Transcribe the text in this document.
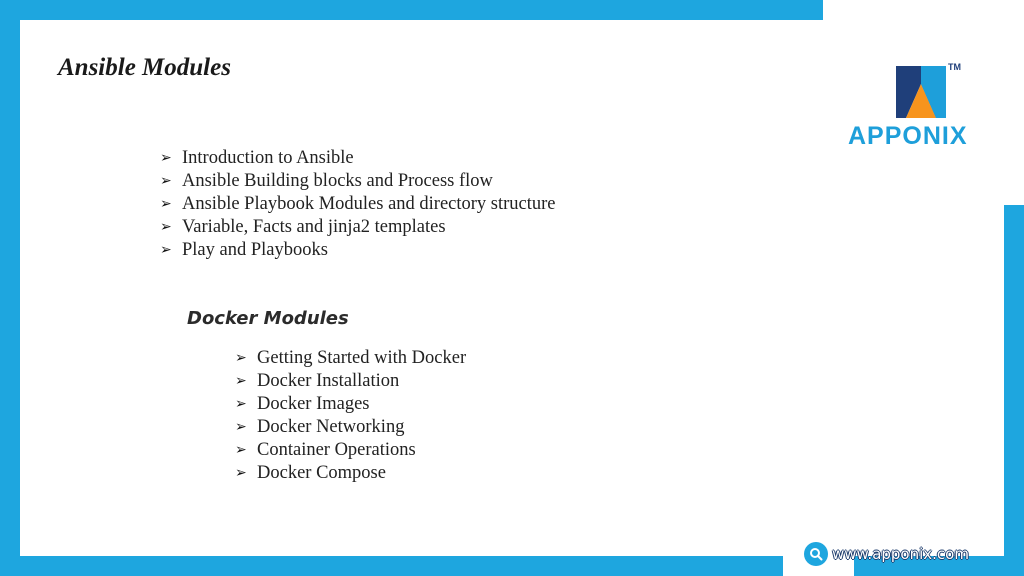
Ansible Modules
➢ Introduction to Ansible
➢ Ansible Building blocks and Process flow
➢ Ansible Playbook Modules and directory structure
➢ Variable, Facts and jinja2 templates
➢ Play and Playbooks
Docker Modules
➢ Getting Started with Docker
➢ Docker Installation
➢ Docker Images
➢ Docker Networking
➢ Container Operations
➢ Docker Compose
TM
APPONIX
www.apponix.com
